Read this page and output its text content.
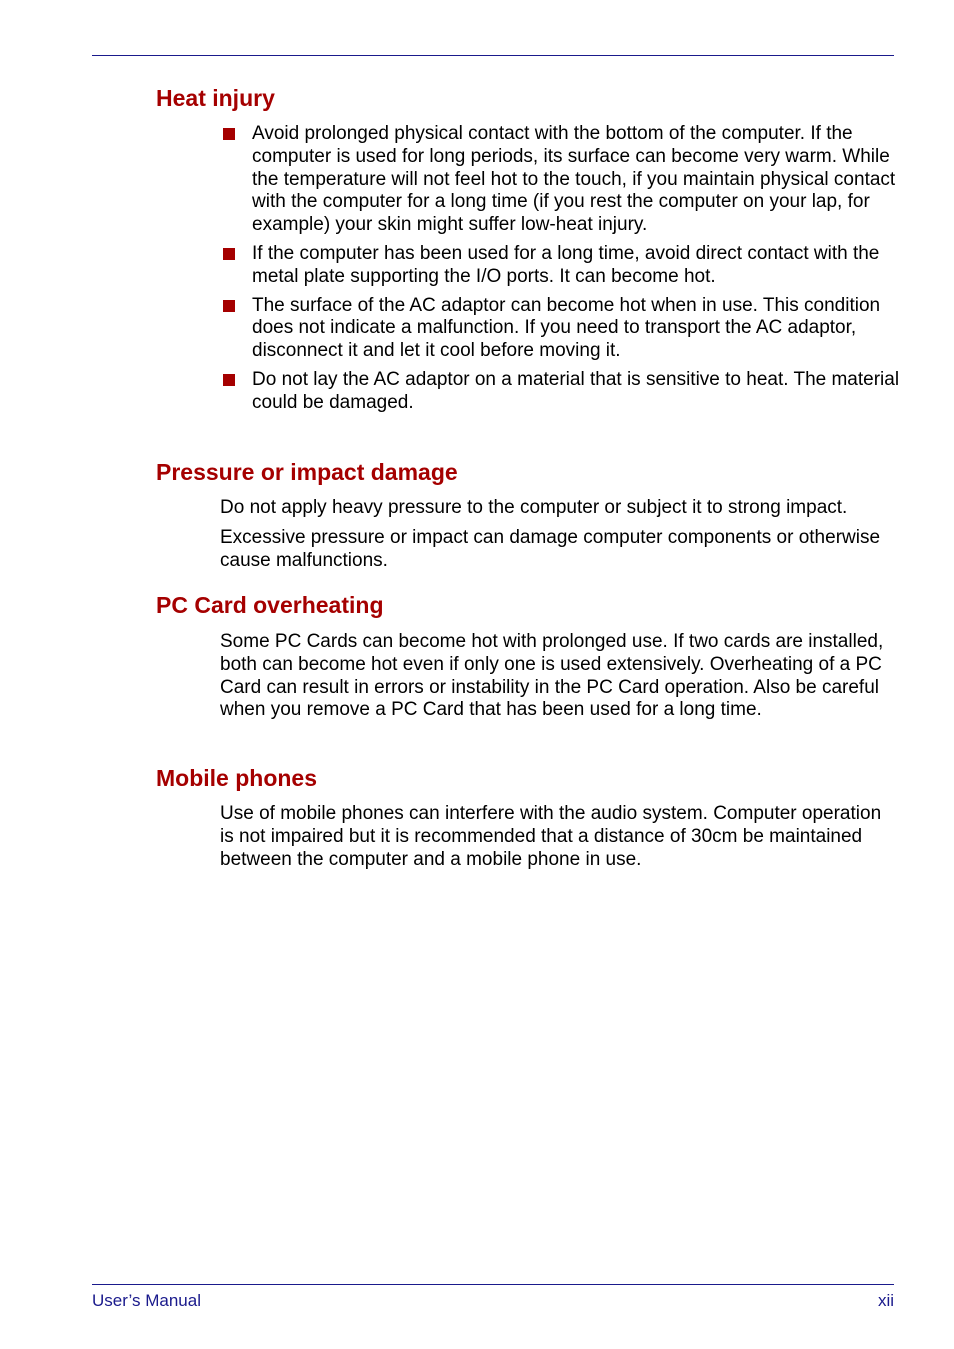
Heat injury

Avoid prolonged physical contact with the bottom of the computer. If the computer is used for long periods, its surface can become very warm. While the temperature will not feel hot to the touch, if you maintain physical contact with the computer for a long time (if you rest the computer on your lap, for example) your skin might suffer low-heat injury.

If the computer has been used for a long time, avoid direct contact with the metal plate supporting the I/O ports. It can become hot.

The surface of the AC adaptor can become hot when in use. This condition does not indicate a malfunction. If you need to transport the AC adaptor, disconnect it and let it cool before moving it.

Do not lay the AC adaptor on a material that is sensitive to heat. The material could be damaged.

Pressure or impact damage

Do not apply heavy pressure to the computer or subject it to strong impact.

Excessive pressure or impact can damage computer components or otherwise cause malfunctions.

PC Card overheating

Some PC Cards can become hot with prolonged use. If two cards are installed, both can become hot even if only one is used extensively. Overheating of a PC Card can result in errors or instability in the PC Card operation. Also be careful when you remove a PC Card that has been used for a long time.

Mobile phones

Use of mobile phones can interfere with the audio system. Computer operation is not impaired but it is recommended that a distance of 30cm be maintained between the computer and a mobile phone in use.

User’s Manual	xii
